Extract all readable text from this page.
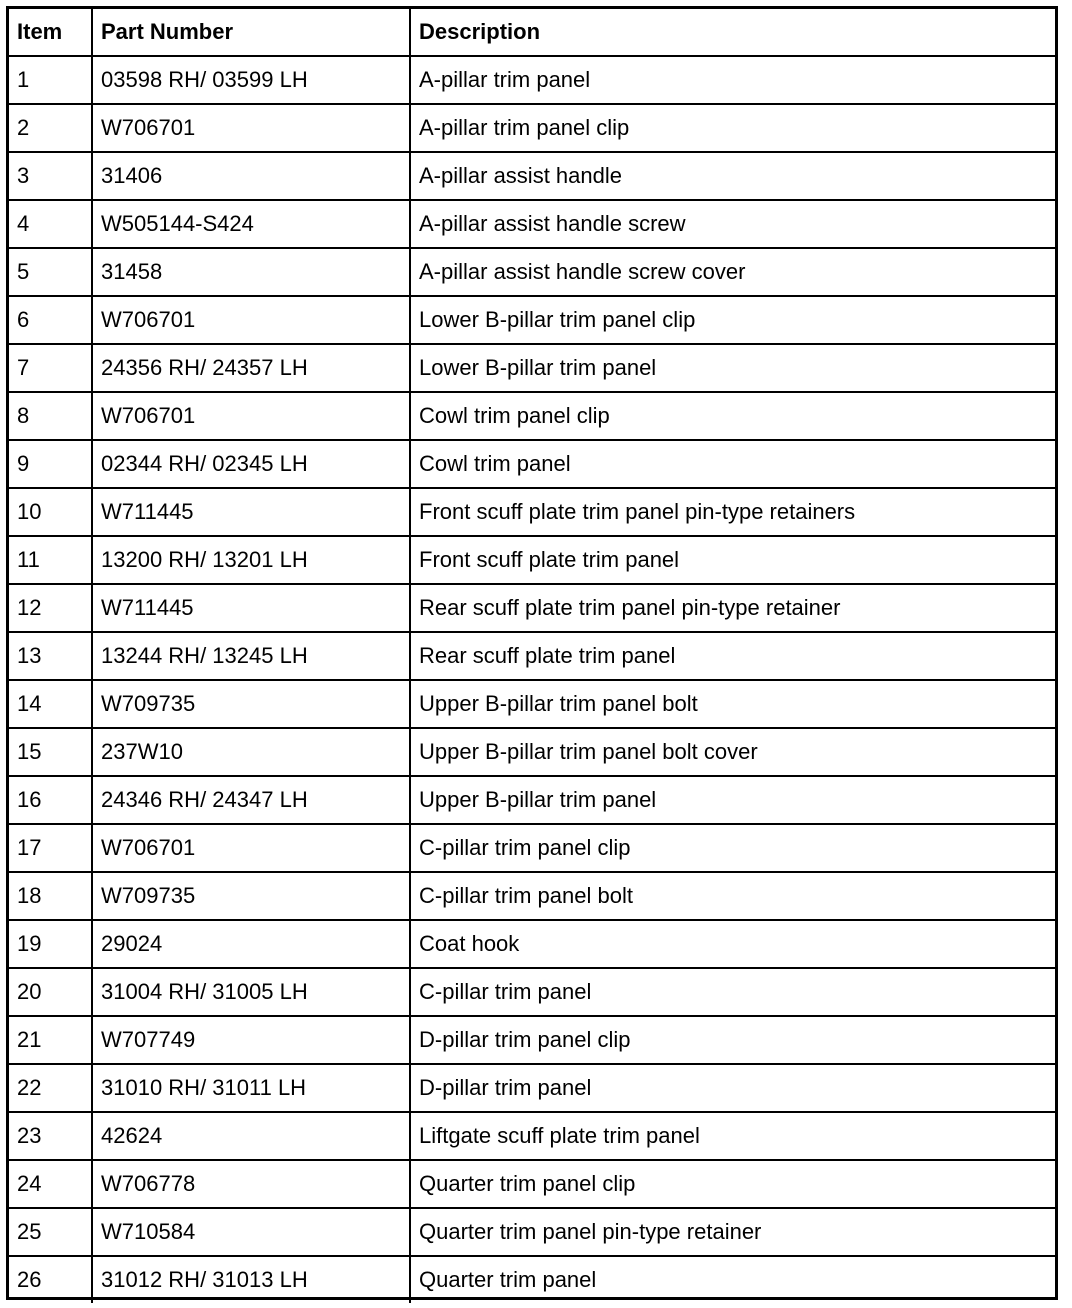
Item	Part Number	Description
1	03598 RH/ 03599 LH	A-pillar trim panel
2	W706701	A-pillar trim panel clip
3	31406	A-pillar assist handle
4	W505144-S424	A-pillar assist handle screw
5	31458	A-pillar assist handle screw cover
6	W706701	Lower B-pillar trim panel clip
7	24356 RH/ 24357 LH	Lower B-pillar trim panel
8	W706701	Cowl trim panel clip
9	02344 RH/ 02345 LH	Cowl trim panel
10	W711445	Front scuff plate trim panel pin-type retainers
11	13200 RH/ 13201 LH	Front scuff plate trim panel
12	W711445	Rear scuff plate trim panel pin-type retainer
13	13244 RH/ 13245 LH	Rear scuff plate trim panel
14	W709735	Upper B-pillar trim panel bolt
15	237W10	Upper B-pillar trim panel bolt cover
16	24346 RH/ 24347 LH	Upper B-pillar trim panel
17	W706701	C-pillar trim panel clip
18	W709735	C-pillar trim panel bolt
19	29024	Coat hook
20	31004 RH/ 31005 LH	C-pillar trim panel
21	W707749	D-pillar trim panel clip
22	31010 RH/ 31011 LH	D-pillar trim panel
23	42624	Liftgate scuff plate trim panel
24	W706778	Quarter trim panel clip
25	W710584	Quarter trim panel pin-type retainer
26	31012 RH/ 31013 LH	Quarter trim panel
